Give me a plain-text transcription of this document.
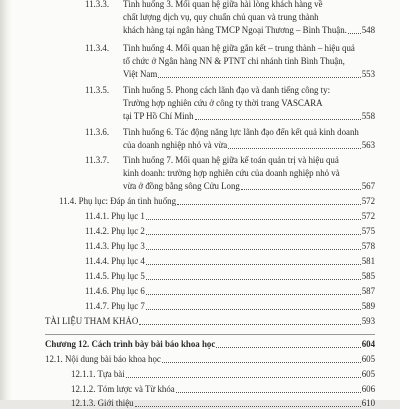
11.3.3. Tình huống 3. Mối quan hệ giữa hài lòng khách hàng về
chất lượng dịch vụ, quy chuẩn chủ quan và trung thành
khách hàng tại ngân hàng TMCP Ngoại Thương – Bình Thuận. 548
11.3.4. Tình huống 4. Mối quan hệ giữa gắn kết – trung thành – hiệu quả
tổ chức ở Ngân hàng NN & PTNT chi nhánh tỉnh Bình Thuận,
Việt Nam	553
11.3.5. Tình huống 5. Phong cách lãnh đạo và danh tiếng công ty:
Trường hợp nghiên cứu ở công ty thời trang VASCARA
tại TP Hồ Chí Minh	558
11.3.6. Tình huống 6. Tác động năng lực lãnh đạo đến kết quả kinh doanh
của doanh nghiệp nhỏ và vừa	563
11.3.7. Tình huống 7. Mối quan hệ giữa kế toán quản trị và hiệu quả
kinh doanh: trường hợp nghiên cứu của doanh nghiệp nhỏ và
vừa ở đồng bằng sông Cửu Long	567
11.4. Phụ lục: Đáp án tình huống	572
11.4.1. Phụ lục 1	572
11.4.2. Phụ lục 2	575
11.4.3. Phụ lục 3	578
11.4.4. Phụ lục 4	581
11.4.5. Phụ lục 5	585
11.4.6. Phụ lục 6	587
11.4.7. Phụ lục 7	589
TÀI LIỆU THAM KHẢO	593
Chương 12. Cách trình bày bài báo khoa học	604
12.1. Nội dung bài báo khoa học	605
12.1.1. Tựa bài	605
12.1.2. Tóm lược và Từ khóa	606
12.1.3. Giới thiệu	610
